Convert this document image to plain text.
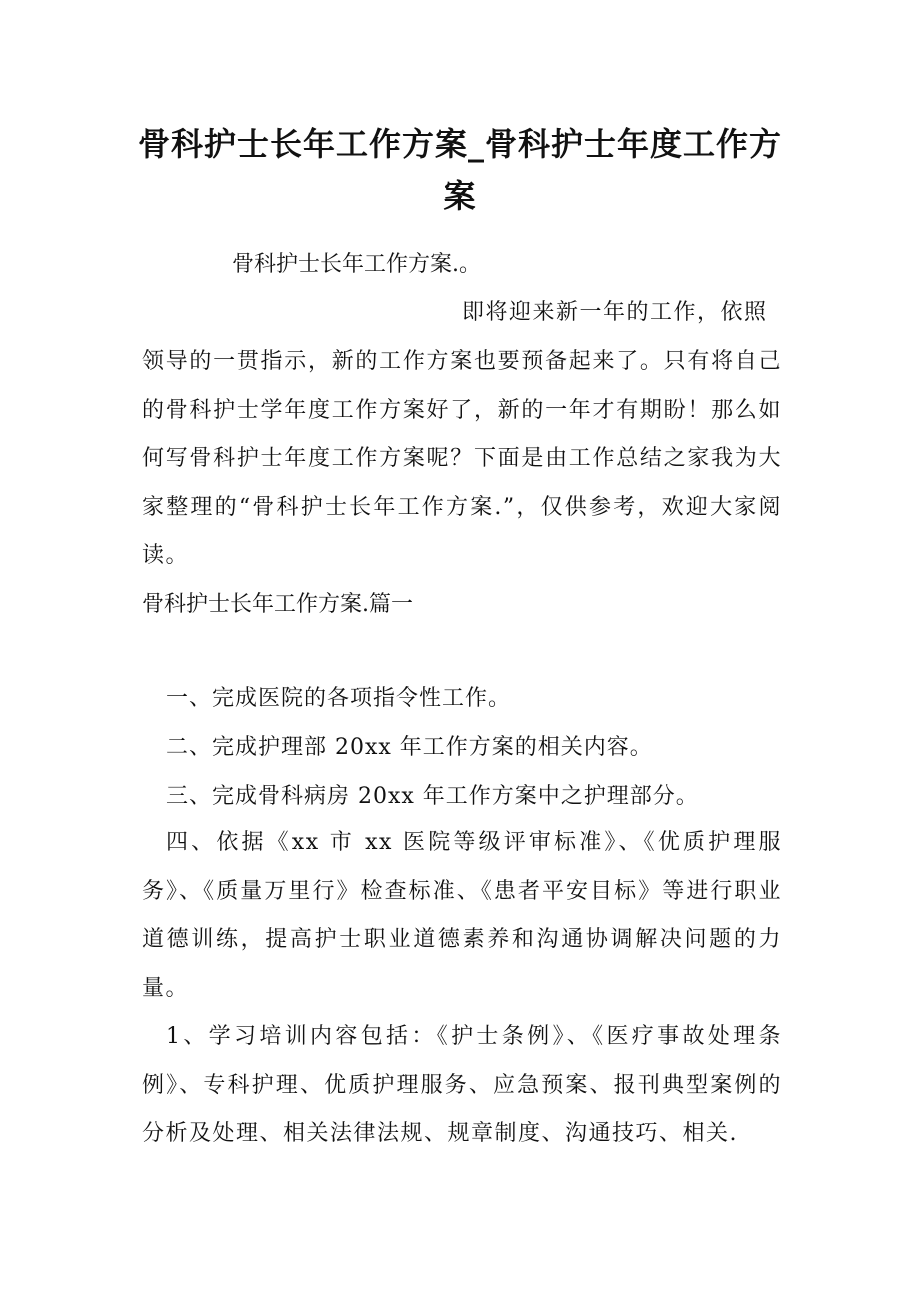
骨科护士长年工作方案_骨科护士年度工作方案

骨科护士长年工作方案.。

即将迎来新一年的工作，依照

领导的一贯指示，新的工作方案也要预备起来了。只有将自己的骨科护士学年度工作方案好了，新的一年才有期盼！那么如何写骨科护士年度工作方案呢？下面是由工作总结之家我为大家整理的“骨科护士长年工作方案.”，仅供参考，欢迎大家阅读。

骨科护士长年工作方案.篇一

一、完成医院的各项指令性工作。

二、完成护理部 20xx 年工作方案的相关内容。

三、完成骨科病房 20xx 年工作方案中之护理部分。

四、依据《xx 市 xx 医院等级评审标准》、《优质护理服务》、《质量万里行》检查标准、《患者平安目标》等进行职业道德训练，提高护士职业道德素养和沟通协调解决问题的力量。

1、学习培训内容包括：《护士条例》、《医疗事故处理条例》、专科护理、优质护理服务、应急预案、报刊典型案例的分析及处理、相关法律法规、规章制度、沟通技巧、相关.
